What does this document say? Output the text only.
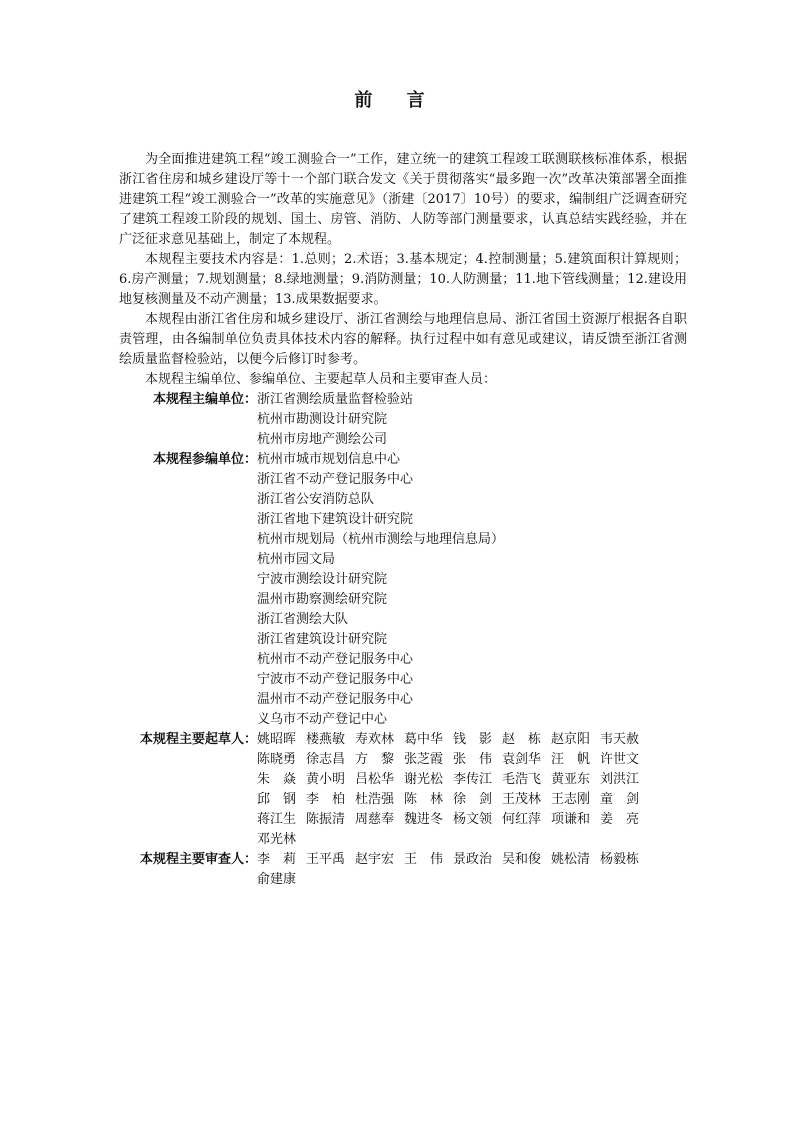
前 言

为全面推进建筑工程“竣工测验合一”工作，建立统一的建筑工程竣工联测联核标准体系，根据浙江省住房和城乡建设厅等十一个部门联合发文《关于贯彻落实“最多跑一次”改革决策部署全面推进建筑工程“竣工测验合一”改革的实施意见》（浙建〔2017〕10号）的要求，编制组广泛调查研究了建筑工程竣工阶段的规划、国土、房管、消防、人防等部门测量要求，认真总结实践经验，并在广泛征求意见基础上，制定了本规程。

本规程主要技术内容是：1.总则；2.术语；3.基本规定；4.控制测量；5.建筑面积计算规则；6.房产测量；7.规划测量；8.绿地测量；9.消防测量；10.人防测量；11.地下管线测量；12.建设用地复核测量及不动产测量；13.成果数据要求。

本规程由浙江省住房和城乡建设厅、浙江省测绘与地理信息局、浙江省国土资源厅根据各自职责管理，由各编制单位负责具体技术内容的解释。执行过程中如有意见或建议，请反馈至浙江省测绘质量监督检验站，以便今后修订时参考。

本规程主编单位、参编单位、主要起草人员和主要审查人员：

本规程主编单位： 浙江省测绘质量监督检验站
杭州市勘测设计研究院
杭州市房地产测绘公司
本规程参编单位： 杭州市城市规划信息中心
浙江省不动产登记服务中心
浙江省公安消防总队
浙江省地下建筑设计研究院
杭州市规划局（杭州市测绘与地理信息局）
杭州市园文局
宁波市测绘设计研究院
温州市勘察测绘研究院
浙江省测绘大队
浙江省建筑设计研究院
杭州市不动产登记服务中心
宁波市不动产登记服务中心
温州市不动产登记服务中心
义乌市不动产登记中心
本规程主要起草人： 姚昭晖 楼燕敏 寿欢林 葛中华 钱　影 赵　栋 赵京阳 韦天赦
陈晓勇 徐志昌 方　黎 张芝霞 张　伟 袁剑华 汪　帆 许世文
朱　焱 黄小明 吕松华 谢光松 李传江 毛浩飞 黄亚东 刘洪江
邱　钢 李　柏 杜浩强 陈　林 徐　剑 王茂林 王志刚 童　剑
蒋江生 陈振清 周慈奉 魏进冬 杨文领 何红萍 项谦和 姜　亮
邓光林
本规程主要审查人： 李　莉 王平禹 赵宇宏 王　伟 景政治 吴和俊 姚松清 杨毅栋
俞建康
